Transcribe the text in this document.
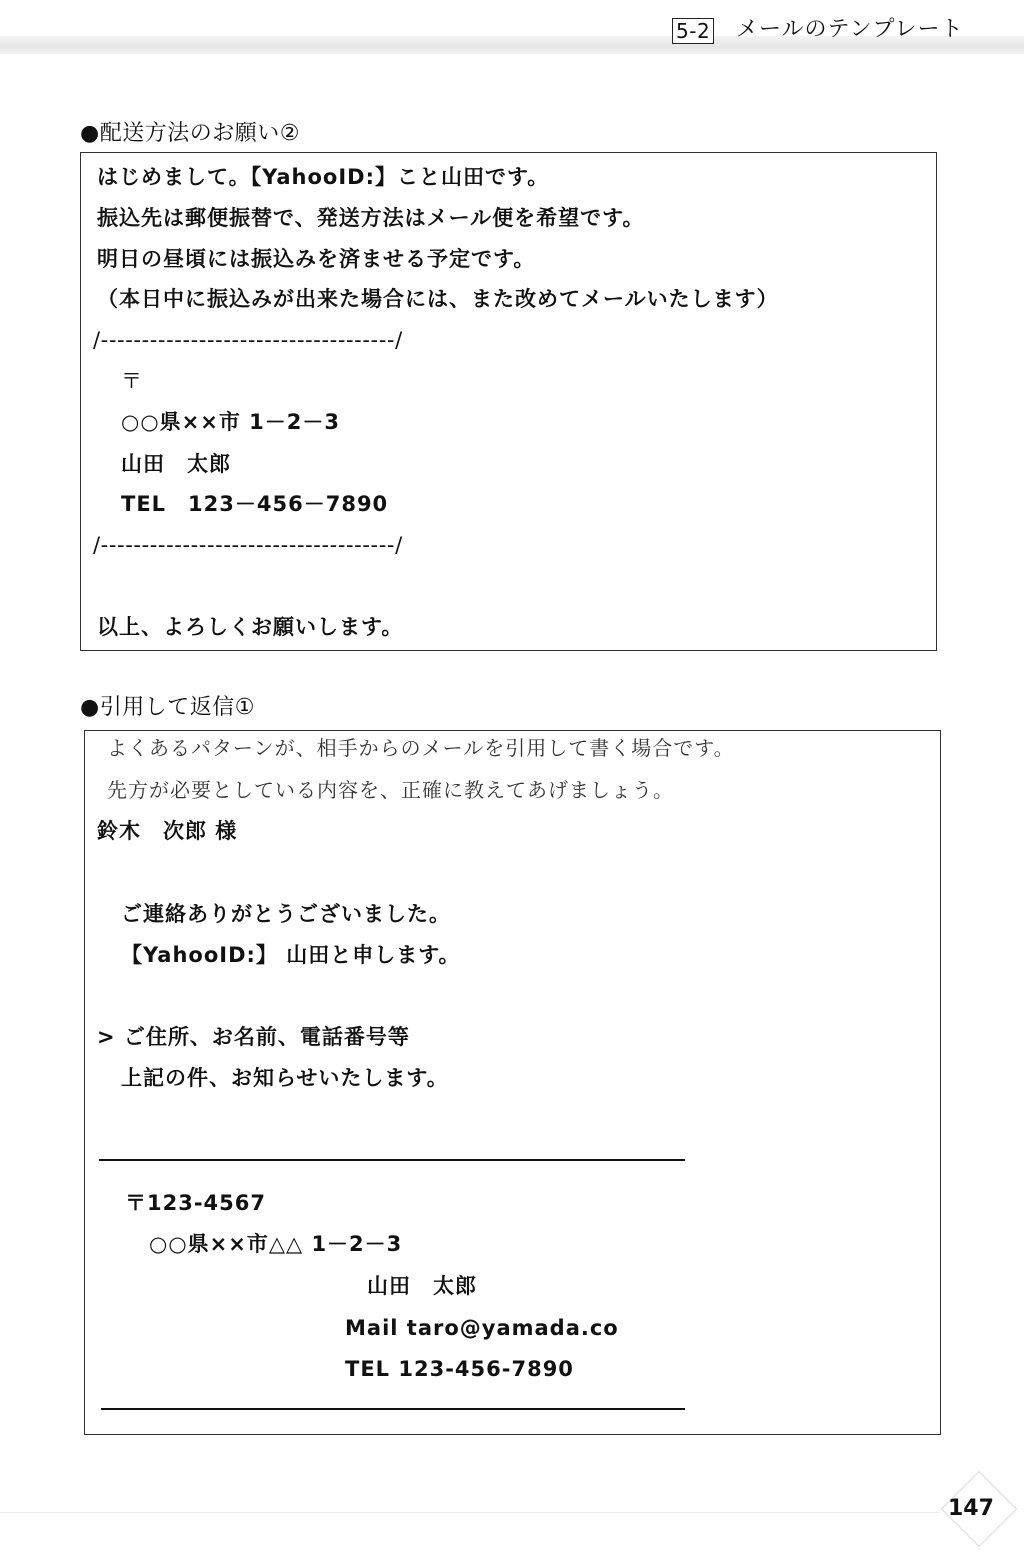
5-2 メールのテンプレート
●配送方法のお願い②
はじめまして。【YahooID:】こと山田です。
振込先は郵便振替で、発送方法はメール便を希望です。
明日の昼頃には振込みを済ませる予定です。
（本日中に振込みが出来た場合には、また改めてメールいたします）
/------------------------------------/
〒
○○県××市 1－2－3
山田　太郎
TEL　123－456－7890
/------------------------------------/
以上、よろしくお願いします。
●引用して返信①
よくあるパターンが、相手からのメールを引用して書く場合です。
先方が必要としている内容を、正確に教えてあげましょう。
鈴木　次郎 様
ご連絡ありがとうございました。
【YahooID:】 山田と申します。
> ご住所、お名前、電話番号等
上記の件、お知らせいたします。
〒123-4567
○○県××市△△ 1－2－3
山田　太郎
Mail taro@yamada.co
TEL 123-456-7890
147
